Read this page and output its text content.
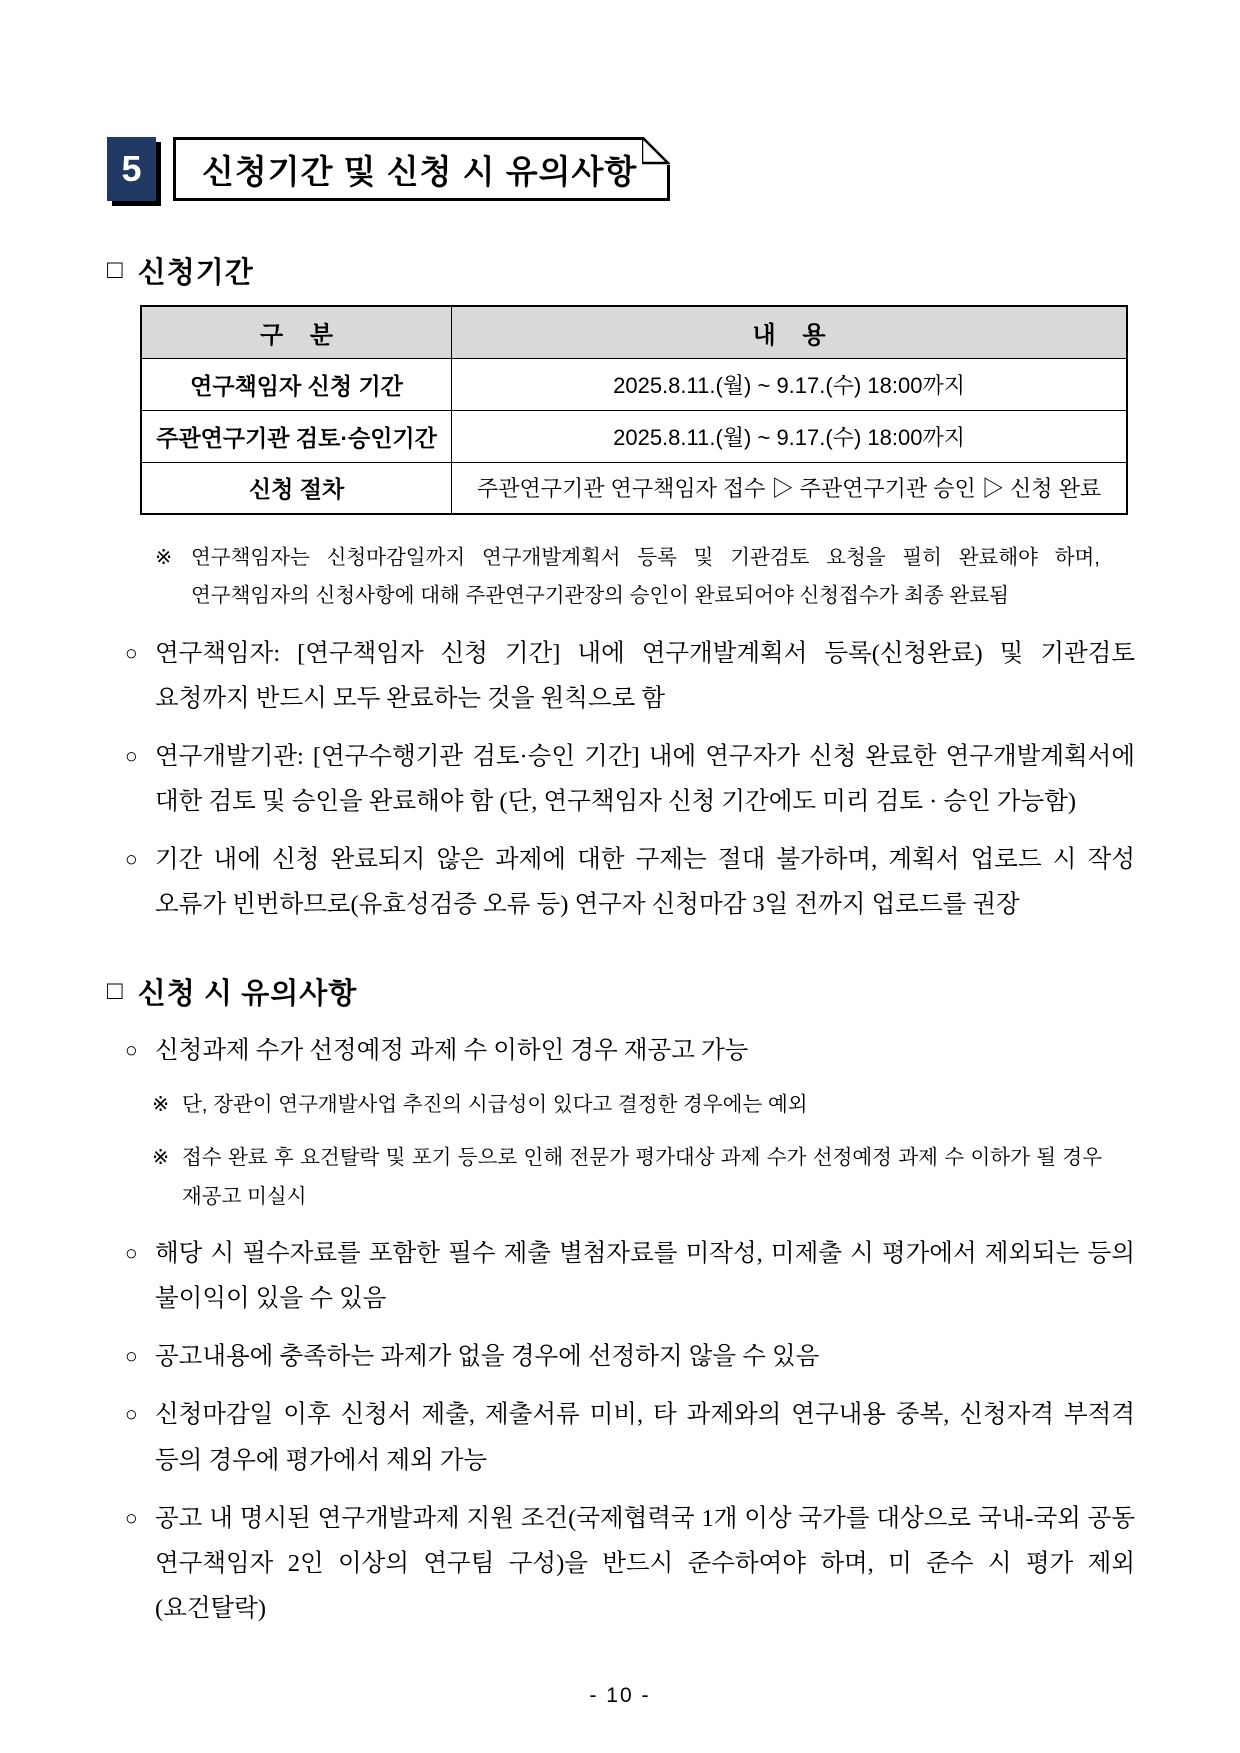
5	신청기간 및 신청 시 유의사항
□ 신청기간
구    분	내    용
연구책임자 신청 기간	2025.8.11.(월) ~ 9.17.(수) 18:00까지
주관연구기관 검토·승인기간	2025.8.11.(월) ~ 9.17.(수) 18:00까지
신청 절차	주관연구기관 연구책임자 접수 ▷ 주관연구기관 승인 ▷ 신청 완료
※ 연구책임자는 신청마감일까지 연구개발계획서 등록 및 기관검토 요청을 필히 완료해야 하며, 연구책임자의 신청사항에 대해 주관연구기관장의 승인이 완료되어야 신청접수가 최종 완료됨
○ 연구책임자: [연구책임자 신청 기간] 내에 연구개발계획서 등록(신청완료) 및 기관검토 요청까지 반드시 모두 완료하는 것을 원칙으로 함

○ 연구개발기관: [연구수행기관 검토·승인 기간] 내에 연구자가 신청 완료한 연구개발계획서에 대한 검토 및 승인을 완료해야 함 (단, 연구책임자 신청 기간에도 미리 검토 · 승인 가능함)

○ 기간 내에 신청 완료되지 않은 과제에 대한 구제는 절대 불가하며, 계획서 업로드 시 작성 오류가 빈번하므로(유효성검증 오류 등) 연구자 신청마감 3일 전까지 업로드를 권장

□ 신청 시 유의사항
○ 신청과제 수가 선정예정 과제 수 이하인 경우 재공고 가능

※ 단, 장관이 연구개발사업 추진의 시급성이 있다고 결정한 경우에는 예외
※ 접수 완료 후 요건탈락 및 포기 등으로 인해 전문가 평가대상 과제 수가 선정예정 과제 수 이하가 될 경우 재공고 미실시
○ 해당 시 필수자료를 포함한 필수 제출 별첨자료를 미작성, 미제출 시 평가에서 제외되는 등의 불이익이 있을 수 있음

○ 공고내용에 충족하는 과제가 없을 경우에 선정하지 않을 수 있음

○ 신청마감일 이후 신청서 제출, 제출서류 미비, 타 과제와의 연구내용 중복, 신청자격 부적격 등의 경우에 평가에서 제외 가능

○ 공고 내 명시된 연구개발과제 지원 조건(국제협력국 1개 이상 국가를 대상으로 국내-국외 공동 연구책임자 2인 이상의 연구팀 구성)을 반드시 준수하여야 하며, 미 준수 시 평가 제외(요건탈락)

- 10 -
